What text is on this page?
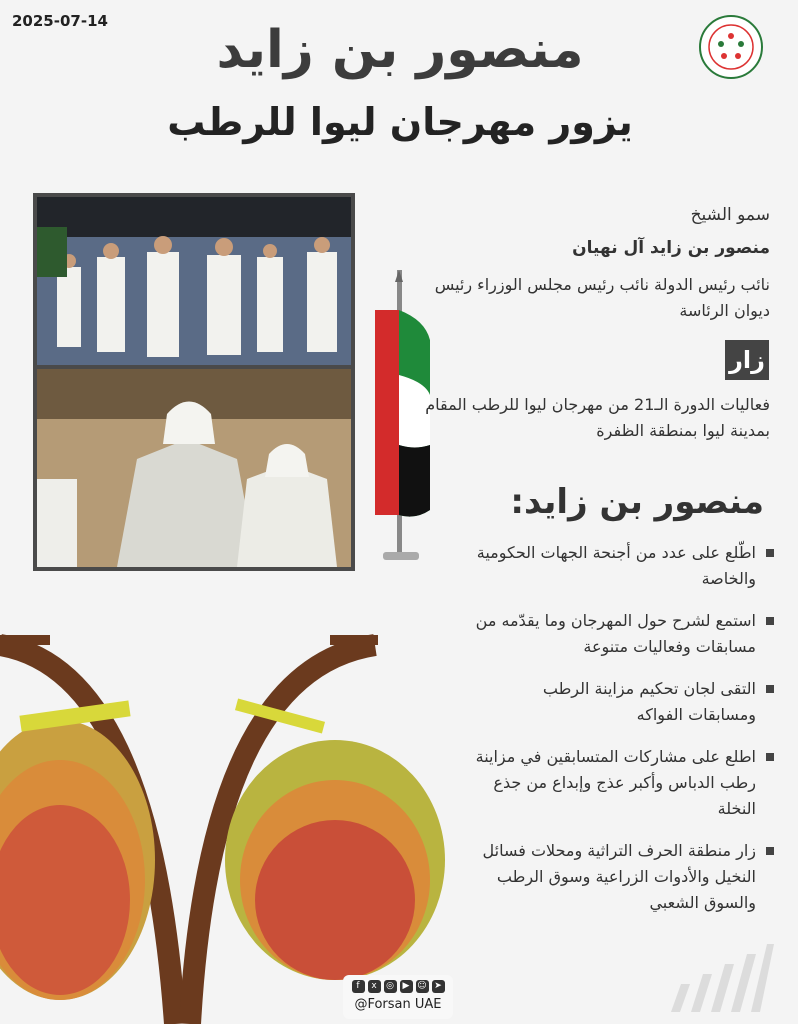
2025-07-14	منصور بن زايد
يزور مهرجان ليوا للرطب
سمو الشيخ
منصور بن زايد آل نهيان
نائب رئيس الدولة نائب رئيس مجلس الوزراء رئيس ديوان الرئاسة
زار
فعاليات الدورة الـ21 من مهرجان ليوا للرطب المقام بمدينة ليوا بمنطقة الظفرة
منصور بن زايد:
اطّلع على عدد من أجنحة الجهات الحكومية والخاصة
استمع لشرح حول المهرجان وما يقدّمه من مسابقات وفعاليات متنوعة
التقى لجان تحكيم مزاينة الرطب ومسابقات الفواكه
اطلع على مشاركات المتسابقين في مزاينة رطب الدباس وأكبر عذج وإبداع من جذع النخلة
زار منطقة الحرف التراثية ومحلات فسائل النخيل والأدوات الزراعية وسوق الرطب والسوق الشعبي
f	x	◎ ▶ ☺ ➤
@Forsan UAE
